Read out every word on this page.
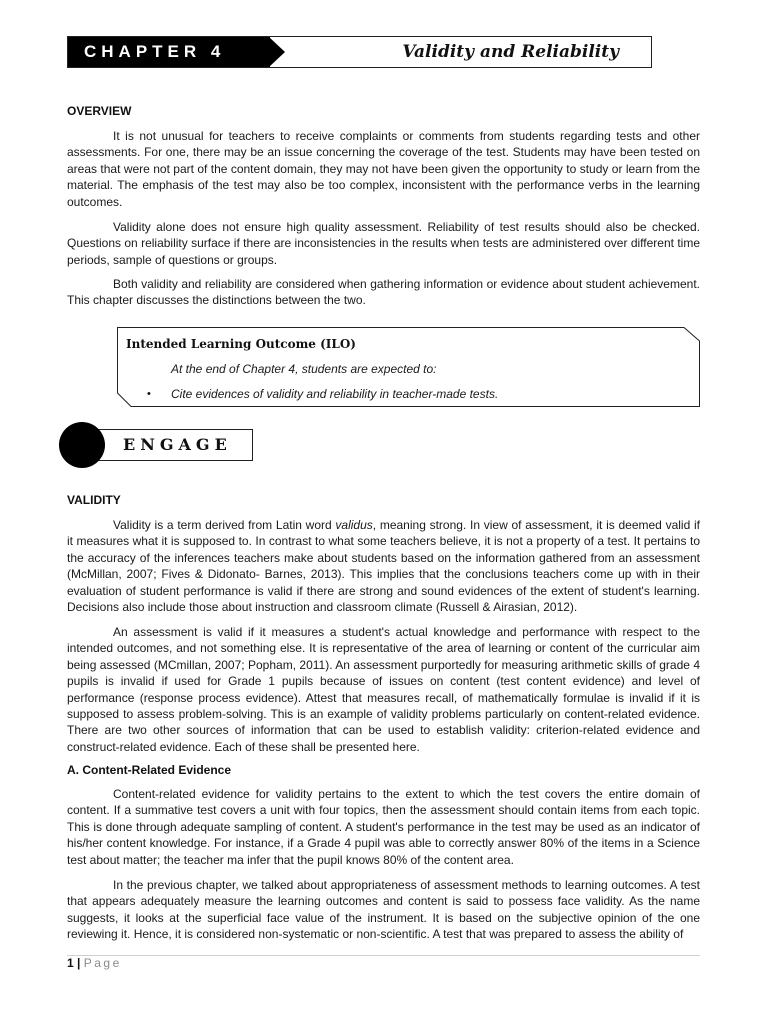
CHAPTER 4	Validity and Reliability
OVERVIEW

It is not unusual for teachers to receive complaints or comments from students regarding tests and other assessments. For one, there may be an issue concerning the coverage of the test. Students may have been tested on areas that were not part of the content domain, they may not have been given the opportunity to study or learn from the material. The emphasis of the test may also be too complex, inconsistent with the performance verbs in the learning outcomes.

Validity alone does not ensure high quality assessment. Reliability of test results should also be checked. Questions on reliability surface if there are inconsistencies in the results when tests are administered over different time periods, sample of questions or groups.

Both validity and reliability are considered when gathering information or evidence about student achievement. This chapter discusses the distinctions between the two.

Intended Learning Outcome (ILO)
At the end of Chapter 4, students are expected to:
• Cite evidences of validity and reliability in teacher-made tests.
ENGAGE
VALIDITY

Validity is a term derived from Latin word validus, meaning strong. In view of assessment, it is deemed valid if it measures what it is supposed to. In contrast to what some teachers believe, it is not a property of a test. It pertains to the accuracy of the inferences teachers make about students based on the information gathered from an assessment (McMillan, 2007; Fives & Didonato- Barnes, 2013). This implies that the conclusions teachers come up with in their evaluation of student performance is valid if there are strong and sound evidences of the extent of student's learning. Decisions also include those about instruction and classroom climate (Russell & Airasian, 2012).

An assessment is valid if it measures a student's actual knowledge and performance with respect to the intended outcomes, and not something else. It is representative of the area of learning or content of the curricular aim being assessed (MCmillan, 2007; Popham, 2011). An assessment purportedly for measuring arithmetic skills of grade 4 pupils is invalid if used for Grade 1 pupils because of issues on content (test content evidence) and level of performance (response process evidence). Attest that measures recall, of mathematically formulae is invalid if it is supposed to assess problem-solving. This is an example of validity problems particularly on content-related evidence. There are two other sources of information that can be used to establish validity: criterion-related evidence and construct-related evidence. Each of these shall be presented here.

A. Content-Related Evidence

Content-related evidence for validity pertains to the extent to which the test covers the entire domain of content. If a summative test covers a unit with four topics, then the assessment should contain items from each topic. This is done through adequate sampling of content. A student's performance in the test may be used as an indicator of his/her content knowledge. For instance, if a Grade 4 pupil was able to correctly answer 80% of the items in a Science test about matter; the teacher ma infer that the pupil knows 80% of the content area.

In the previous chapter, we talked about appropriateness of assessment methods to learning outcomes. A test that appears adequately measure the learning outcomes and content is said to possess face validity. As the name suggests, it looks at the superficial face value of the instrument. It is based on the subjective opinion of the one reviewing it. Hence, it is considered non-systematic or non-scientific. A test that was prepared to assess the ability of

1 | Page
